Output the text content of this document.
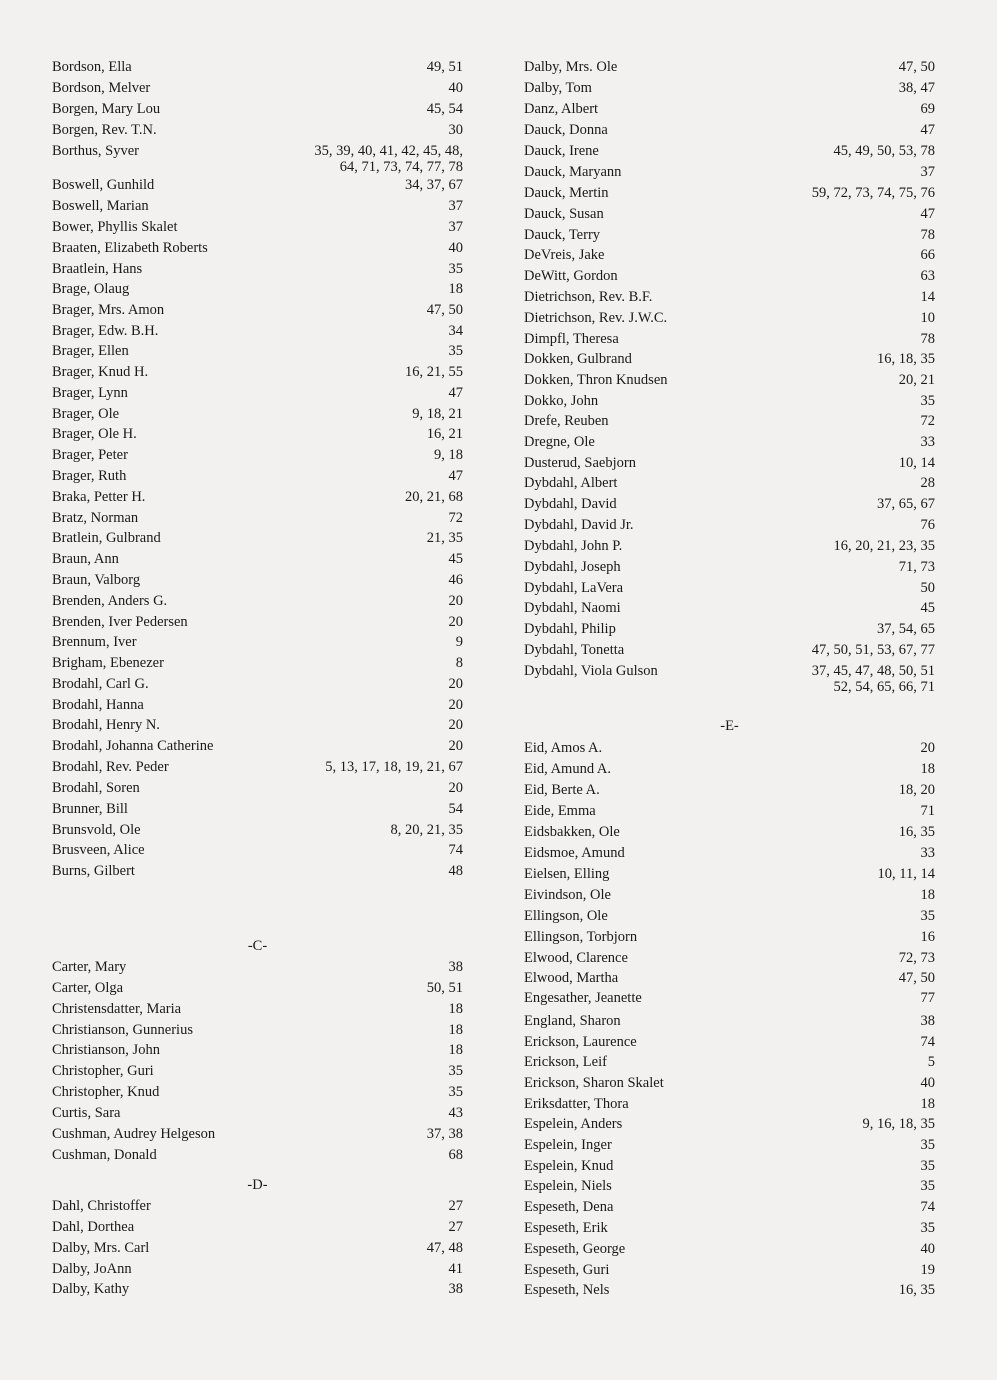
Bordson, Ella	49, 51
Bordson, Melver	40
Borgen, Mary Lou	45, 54
Borgen, Rev. T.N.	30
Borthus, Syver	35, 39, 40, 41, 42, 45, 48,
64, 71, 73, 74, 77, 78
Boswell, Gunhild	34, 37, 67
Boswell, Marian	37
Bower, Phyllis Skalet	37
Braaten, Elizabeth Roberts	40
Braatlein, Hans	35
Brage, Olaug	18
Brager, Mrs. Amon	47, 50
Brager, Edw. B.H.	34
Brager, Ellen	35
Brager, Knud H.	16, 21, 55
Brager, Lynn	47
Brager, Ole	9, 18, 21
Brager, Ole H.	16, 21
Brager, Peter	9, 18
Brager, Ruth	47
Braka, Petter H.	20, 21, 68
Bratz, Norman	72
Bratlein, Gulbrand	21, 35
Braun, Ann	45
Braun, Valborg	46
Brenden, Anders G.	20
Brenden, Iver Pedersen	20
Brennum, Iver	9
Brigham, Ebenezer	8
Brodahl, Carl G.	20
Brodahl, Hanna	20
Brodahl, Henry N.	20
Brodahl, Johanna Catherine	20
Brodahl, Rev. Peder	5, 13, 17, 18, 19, 21, 67
Brodahl, Soren	20
Brunner, Bill	54
Brunsvold, Ole	8, 20, 21, 35
Brusveen, Alice	74
Burns, Gilbert	48
-C-
Carter, Mary	38
Carter, Olga	50, 51
Christensdatter, Maria	18
Christianson, Gunnerius	18
Christianson, John	18
Christopher, Guri	35
Christopher, Knud	35
Curtis, Sara	43
Cushman, Audrey Helgeson	37, 38
Cushman, Donald	68
-D-
Dahl, Christoffer	27
Dahl, Dorthea	27
Dalby, Mrs. Carl	47, 48
Dalby, JoAnn	41
Dalby, Kathy	38
Dalby, Mrs. Ole	47, 50
Dalby, Tom	38, 47
Danz, Albert	69
Dauck, Donna	47
Dauck, Irene	45, 49, 50, 53, 78
Dauck, Maryann	37
Dauck, Mertin	59, 72, 73, 74, 75, 76
Dauck, Susan	47
Dauck, Terry	78
DeVreis, Jake	66
DeWitt, Gordon	63
Dietrichson, Rev. B.F.	14
Dietrichson, Rev. J.W.C.	10
Dimpfl, Theresa	78
Dokken, Gulbrand	16, 18, 35
Dokken, Thron Knudsen	20, 21
Dokko, John	35
Drefe, Reuben	72
Dregne, Ole	33
Dusterud, Saebjorn	10, 14
Dybdahl, Albert	28
Dybdahl, David	37, 65, 67
Dybdahl, David Jr.	76
Dybdahl, John P.	16, 20, 21, 23, 35
Dybdahl, Joseph	71, 73
Dybdahl, LaVera	50
Dybdahl, Naomi	45
Dybdahl, Philip	37, 54, 65
Dybdahl, Tonetta	47, 50, 51, 53, 67, 77
Dybdahl, Viola Gulson	37, 45, 47, 48, 50, 51
52, 54, 65, 66, 71
-E-
Eid, Amos A.	20
Eid, Amund A.	18
Eid, Berte A.	18, 20
Eide, Emma	71
Eidsbakken, Ole	16, 35
Eidsmoe, Amund	33
Eielsen, Elling	10, 11, 14
Eivindson, Ole	18
Ellingson, Ole	35
Ellingson, Torbjorn	16
Elwood, Clarence	72, 73
Elwood, Martha	47, 50
Engesather, Jeanette	77
England, Sharon	38
Erickson, Laurence	74
Erickson, Leif	5
Erickson, Sharon Skalet	40
Eriksdatter, Thora	18
Espelein, Anders	9, 16, 18, 35
Espelein, Inger	35
Espelein, Knud	35
Espelein, Niels	35
Espeseth, Dena	74
Espeseth, Erik	35
Espeseth, George	40
Espeseth, Guri	19
Espeseth, Nels	16, 35
